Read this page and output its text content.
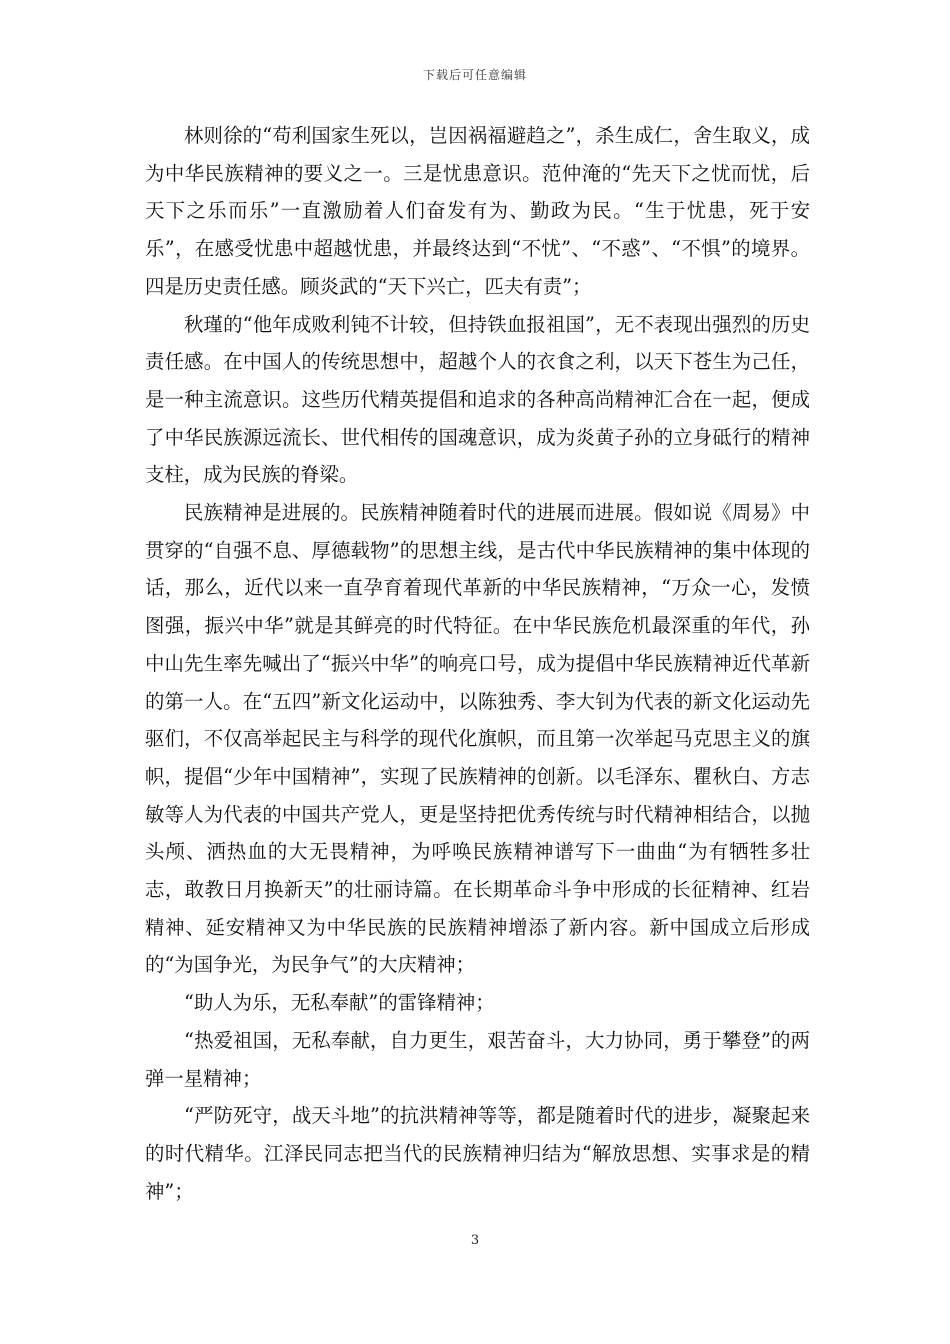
下载后可任意编辑

林则徐的“苟利国家生死以，岂因祸福避趋之”，杀生成仁，舍生取义，成为中华民族精神的要义之一。三是忧患意识。范仲淹的“先天下之忧而忧，后天下之乐而乐”一直激励着人们奋发有为、勤政为民。“生于忧患，死于安乐”，在感受忧患中超越忧患，并最终达到“不忧”、“不惑”、“不惧”的境界。四是历史责任感。顾炎武的“天下兴亡，匹夫有责”；

秋瑾的“他年成败利钝不计较，但持铁血报祖国”，无不表现出强烈的历史责任感。在中国人的传统思想中，超越个人的衣食之利，以天下苍生为己任，是一种主流意识。这些历代精英提倡和追求的各种高尚精神汇合在一起，便成了中华民族源远流长、世代相传的国魂意识，成为炎黄子孙的立身砥行的精神支柱，成为民族的脊梁。

民族精神是进展的。民族精神随着时代的进展而进展。假如说《周易》中贯穿的“自强不息、厚德载物”的思想主线，是古代中华民族精神的集中体现的话，那么，近代以来一直孕育着现代革新的中华民族精神，“万众一心，发愤图强，振兴中华”就是其鲜亮的时代特征。在中华民族危机最深重的年代，孙中山先生率先喊出了“振兴中华”的响亮口号，成为提倡中华民族精神近代革新的第一人。在“五四”新文化运动中，以陈独秀、李大钊为代表的新文化运动先驱们，不仅高举起民主与科学的现代化旗帜，而且第一次举起马克思主义的旗帜，提倡“少年中国精神”，实现了民族精神的创新。以毛泽东、瞿秋白、方志敏等人为代表的中国共产党人，更是坚持把优秀传统与时代精神相结合，以抛头颅、洒热血的大无畏精神，为呼唤民族精神谱写下一曲曲“为有牺牲多壮志，敢教日月换新天”的壮丽诗篇。在长期革命斗争中形成的长征精神、红岩精神、延安精神又为中华民族的民族精神增添了新内容。新中国成立后形成的“为国争光，为民争气”的大庆精神；

“助人为乐，无私奉献”的雷锋精神；

“热爱祖国，无私奉献，自力更生，艰苦奋斗，大力协同，勇于攀登”的两弹一星精神；

“严防死守，战天斗地”的抗洪精神等等，都是随着时代的进步，凝聚起来的时代精华。江泽民同志把当代的民族精神归结为“解放思想、实事求是的精神”；

3
